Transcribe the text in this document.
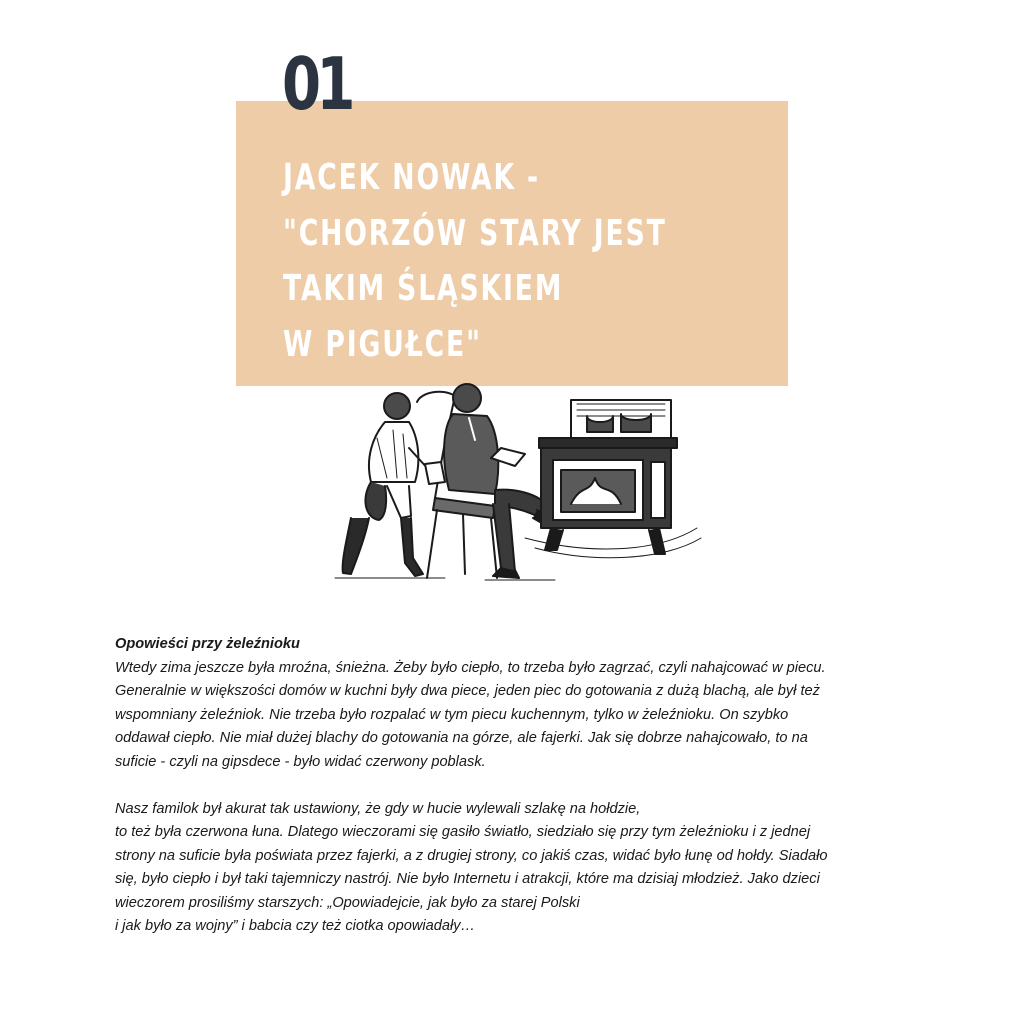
01
JACEK NOWAK -
"CHORZÓW STARY JEST
TAKIM ŚLĄSKIEM
W PIGUŁCE"

Opowieści przy żeleźnioku

Wtedy zima jeszcze była mroźna, śnieżna. Żeby było ciepło, to trzeba było zagrzać, czyli nahajcować w piecu.

Generalnie w większości domów w kuchni były dwa piece, jeden piec do gotowania z dużą blachą, ale był też

wspomniany żeleźniok. Nie trzeba było rozpalać w tym piecu kuchennym, tylko w żeleźnioku. On szybko

oddawał ciepło. Nie miał dużej blachy do gotowania na górze, ale fajerki. Jak się dobrze nahajcowało, to na

suficie - czyli na gipsdece - było widać czerwony poblask.

Nasz familok był akurat tak ustawiony, że gdy w hucie wylewali szlakę na hołdzie,

to też była czerwona łuna. Dlatego wieczorami się gasiło światło, siedziało się przy tym żeleźnioku i z jednej

strony na suficie była poświata przez fajerki, a z drugiej strony, co jakiś czas, widać było łunę od hołdy. Siadało

się, było ciepło i był taki tajemniczy nastrój. Nie było Internetu i atrakcji, które ma dzisiaj młodzież. Jako dzieci

wieczorem prosiliśmy starszych: „Opowiadejcie, jak było za starej Polski

i jak było za wojny” i babcia czy też ciotka opowiadały…
